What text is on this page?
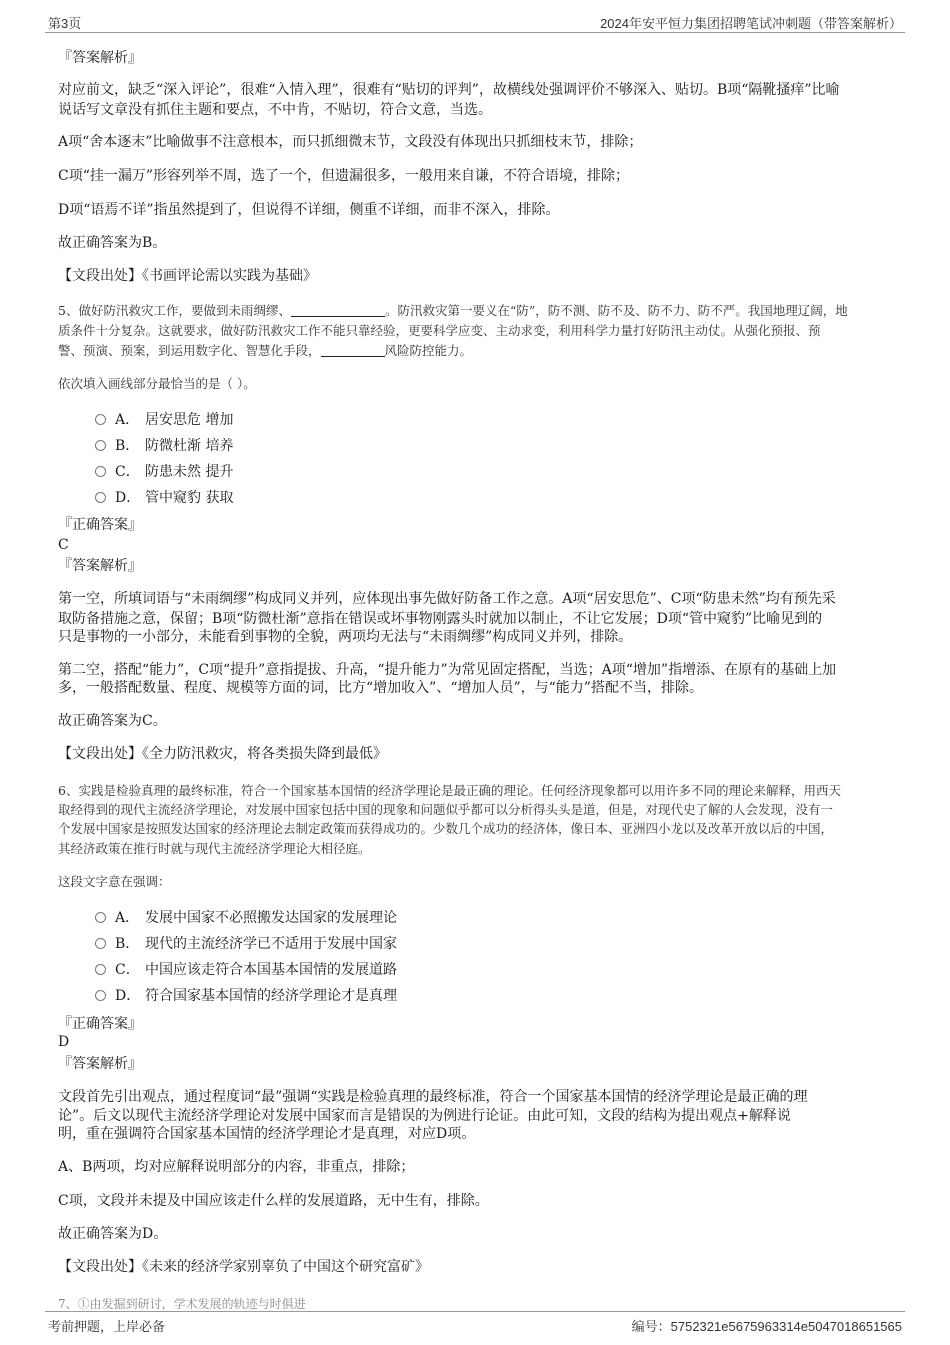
第3页	2024年安平恒力集团招聘笔试冲刺题（带答案解析）
『答案解析』
对应前文，缺乏“深入评论”，很难“入情入理”，很难有“贴切的评判”，故横线处强调评价不够深入、贴切。B项“隔靴搔痒”比喻
说话写文章没有抓住主题和要点，不中肯，不贴切，符合文意，当选。
A项“舍本逐末”比喻做事不注意根本，而只抓细微末节，文段没有体现出只抓细枝末节，排除；
C项“挂一漏万”形容列举不周，选了一个，但遗漏很多，一般用来自谦，不符合语境，排除；
D项“语焉不详”指虽然提到了，但说得不详细，侧重不详细，而非不深入，排除。
故正确答案为B。
【文段出处】《书画评论需以实践为基础》
5、做好防汛救灾工作，要做到未雨绸缪、	。防汛救灾第一要义在“防”，防不测、防不及、防不力、防不严。我国地理辽阔，地
质条件十分复杂。这就要求，做好防汛救灾工作不能只靠经验，更要科学应变、主动求变，利用科学力量打好防汛主动仗。从强化预报、预
警、预演、预案，到运用数字化、智慧化手段，	风险防控能力。
依次填入画线部分最恰当的是（ ）。
A． 居安思危 增加
B． 防微杜渐 培养
C． 防患未然 提升
D． 管中窥豹 获取
『正确答案』
C
『答案解析』
第一空，所填词语与“未雨绸缪”构成同义并列，应体现出事先做好防备工作之意。A项“居安思危”、C项“防患未然”均有预先采
取防备措施之意，保留；B项“防微杜渐”意指在错误或坏事物刚露头时就加以制止，不让它发展；D项“管中窥豹”比喻见到的
只是事物的一小部分，未能看到事物的全貌，两项均无法与“未雨绸缪”构成同义并列，排除。
第二空，搭配“能力”，C项“提升”意指提拔、升高，“提升能力”为常见固定搭配，当选；A项“增加”指增添、在原有的基础上加
多，一般搭配数量、程度、规模等方面的词，比方“增加收入”、“增加人员”，与“能力”搭配不当，排除。
故正确答案为C。
【文段出处】《全力防汛救灾，将各类损失降到最低》
6、实践是检验真理的最终标准，符合一个国家基本国情的经济学理论是最正确的理论。任何经济现象都可以用许多不同的理论来解释，用西天
取经得到的现代主流经济学理论，对发展中国家包括中国的现象和问题似乎都可以分析得头头是道，但是，对现代史了解的人会发现，没有一
个发展中国家是按照发达国家的经济理论去制定政策而获得成功的。少数几个成功的经济体，像日本、亚洲四小龙以及改革开放以后的中国，
其经济政策在推行时就与现代主流经济学理论大相径庭。
这段文字意在强调：
A． 发展中国家不必照搬发达国家的发展理论
B． 现代的主流经济学已不适用于发展中国家
C． 中国应该走符合本国基本国情的发展道路
D． 符合国家基本国情的经济学理论才是真理
『正确答案』
D
『答案解析』
文段首先引出观点，通过程度词“最”强调“实践是检验真理的最终标准，符合一个国家基本国情的经济学理论是最正确的理
论”。后文以现代主流经济学理论对发展中国家而言是错误的为例进行论证。由此可知，文段的结构为提出观点+解释说
明，重在强调符合国家基本国情的经济学理论才是真理，对应D项。
A、B两项，均对应解释说明部分的内容，非重点，排除；
C项，文段并未提及中国应该走什么样的发展道路，无中生有，排除。
故正确答案为D。
【文段出处】《未来的经济学家别辜负了中国这个研究富矿》
7、①由发掘到研讨，学术发展的轨迹与时俱进
考前押题，上岸必备	编号：5752321e5675963314e5047018651565
